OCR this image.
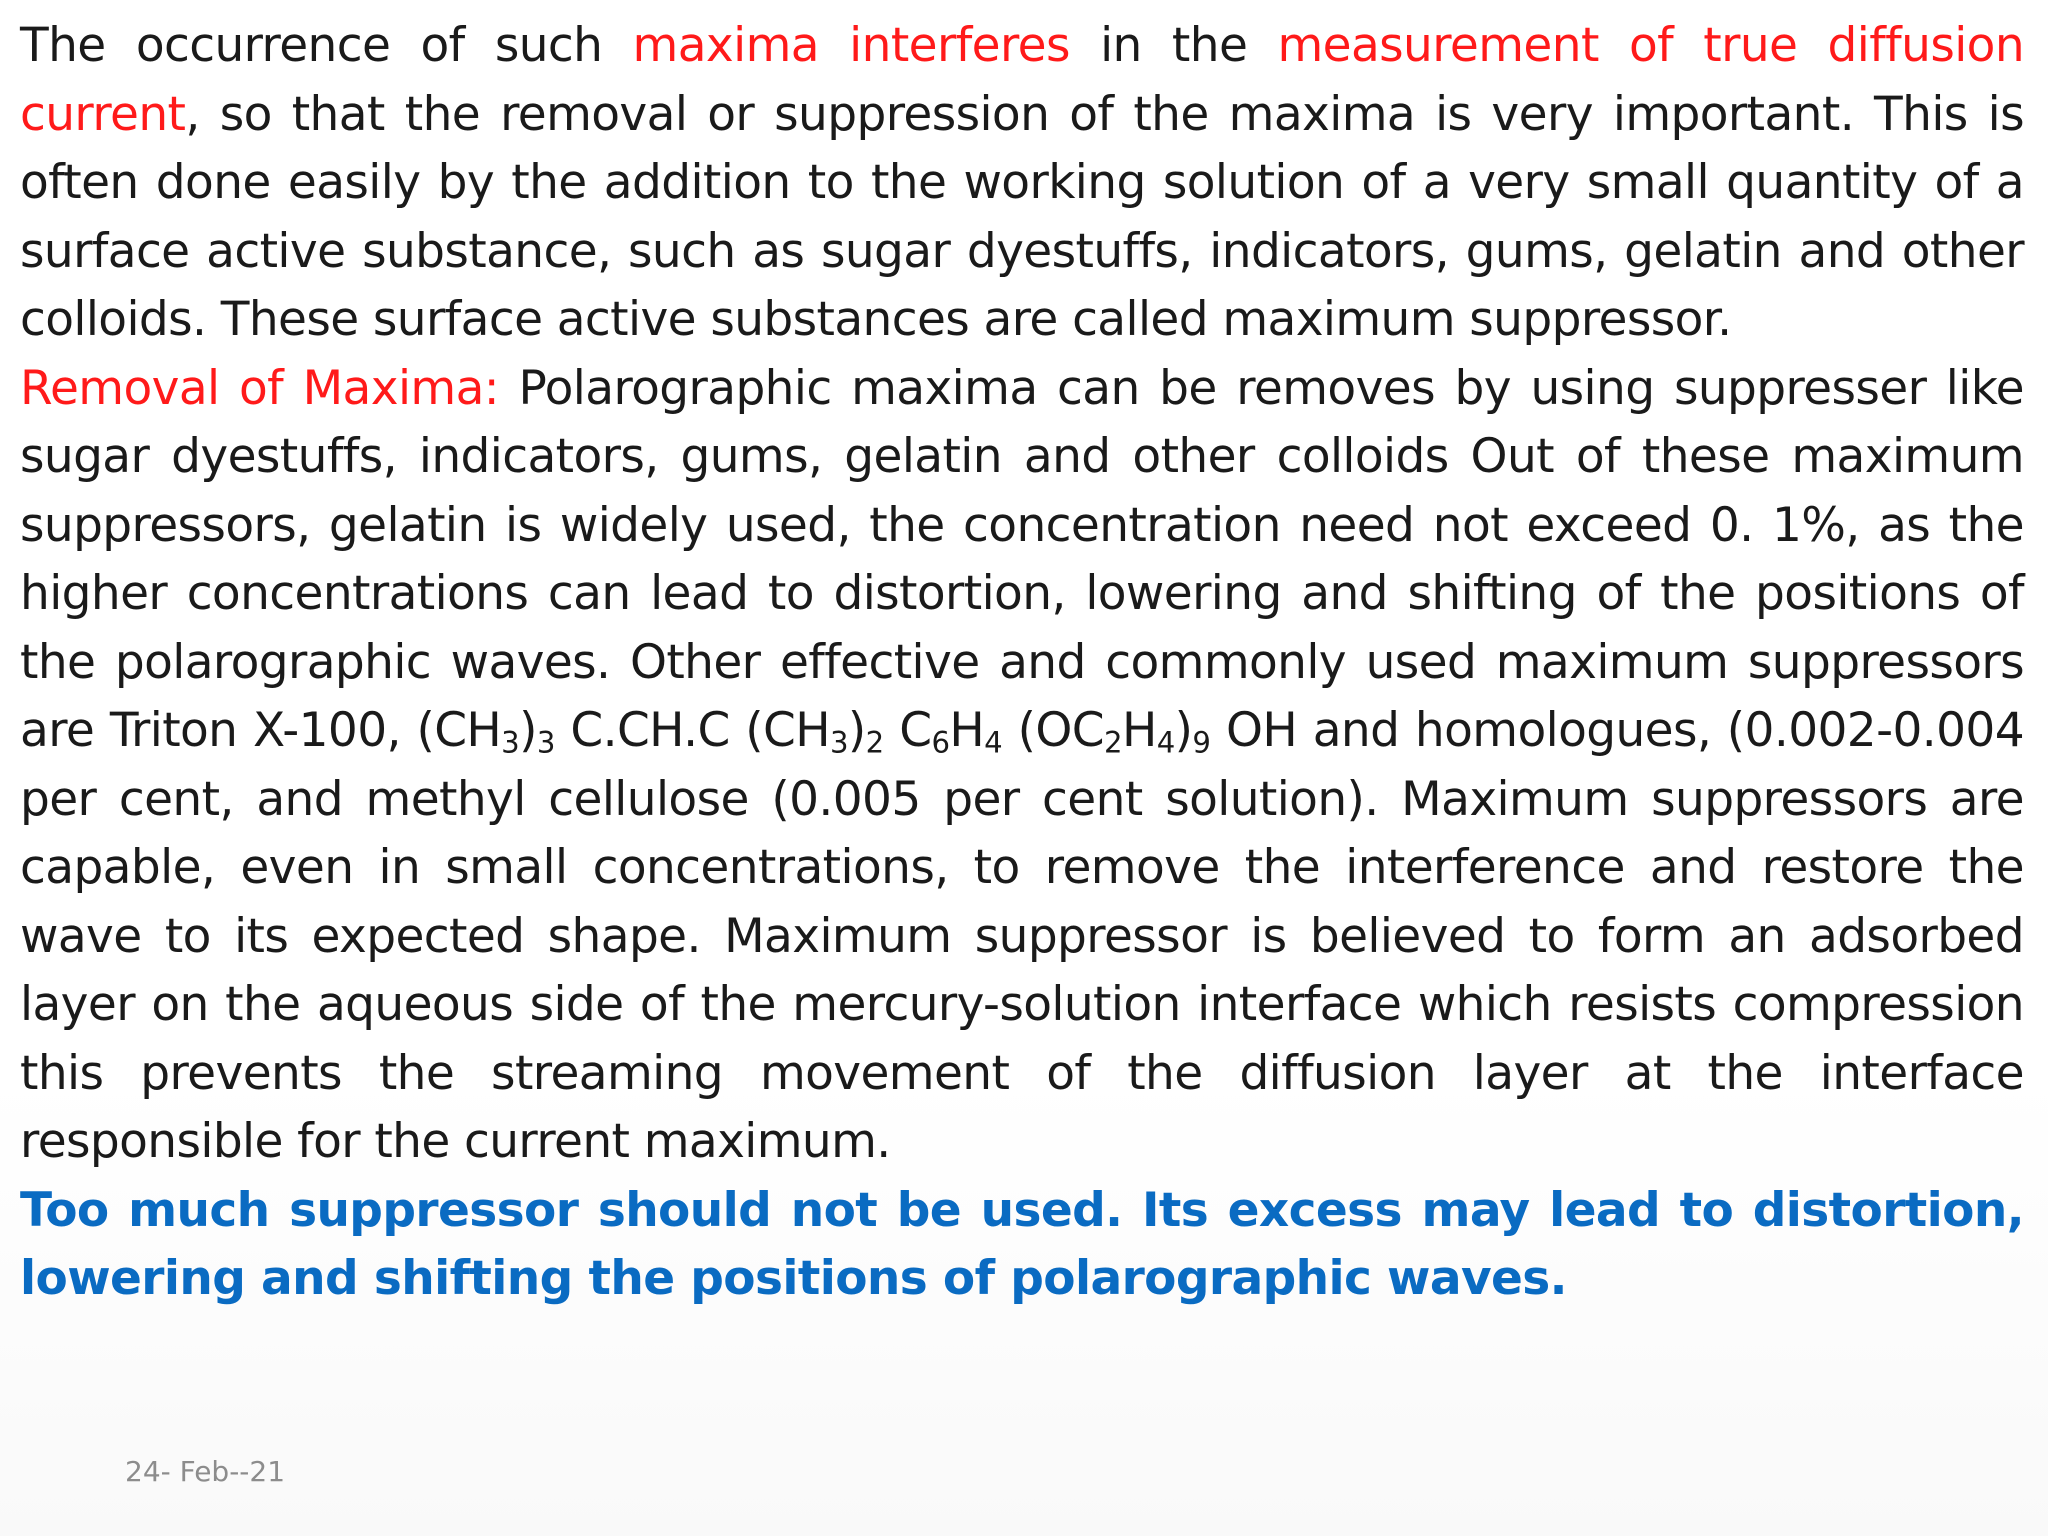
The occurrence of such maxima interferes in the measurement of true diffusion current, so that the removal or suppression of the maxima is very important. This is often done easily by the addition to the working solution of a very small quantity of a surface active substance, such as sugar dyestuffs, indicators, gums, gelatin and other colloids. These surface active substances are called maximum suppressor.

Removal of Maxima: Polarographic maxima can be removes by using suppresser like sugar dyestuffs, indicators, gums, gelatin and other colloids Out of these maximum suppressors, gelatin is widely used, the concentration need not exceed 0. 1%, as the higher concentrations can lead to distortion, lowering and shifting of the positions of the polarographic waves. Other effective and commonly used maximum suppressors are Triton X-100, $(CH_3)_3$ C.CH.C $(CH_3)_2$ $C_6H_4$ $(OC_2H_4)_9$ OH and homologues, (0.002-0.004 per cent, and methyl cellulose (0.005 per cent solution). Maximum suppressors are capable, even in small concentrations, to remove the interference and restore the wave to its expected shape. Maximum suppressor is believed to form an adsorbed layer on the aqueous side of the mercury-solution interface which resists compression this prevents the streaming movement of the diffusion layer at the interface responsible for the current maximum.

Too much suppressor should not be used. Its excess may lead to distortion, lowering and shifting the positions of polarographic waves.

24- Feb--21
